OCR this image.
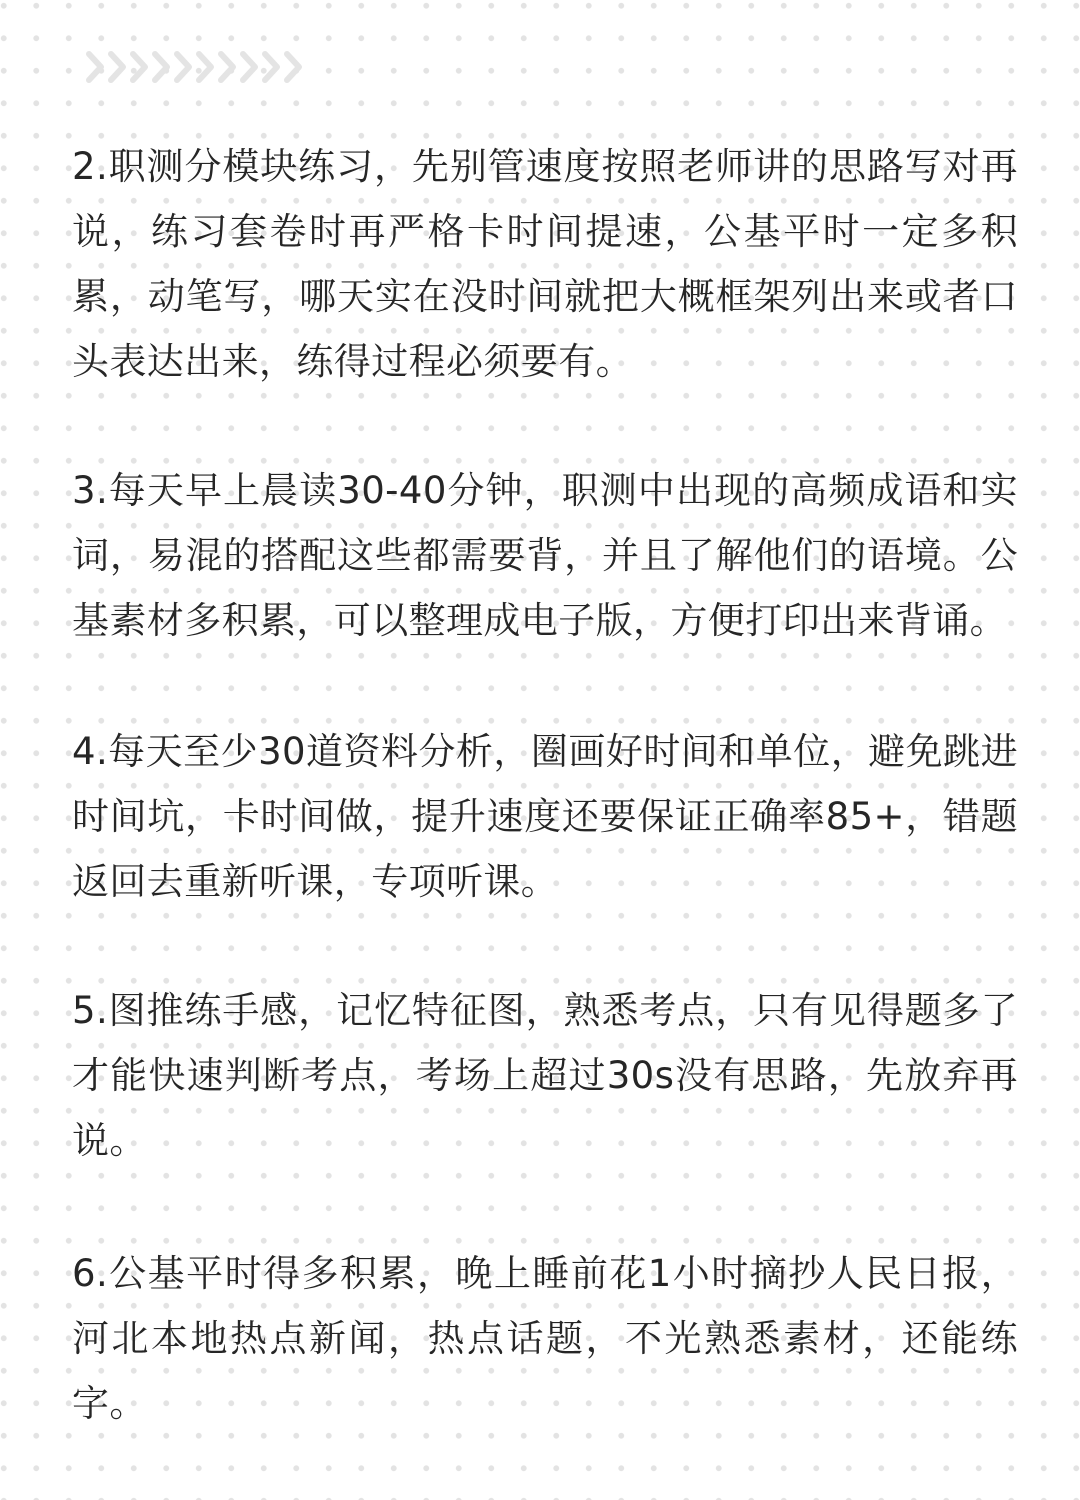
2.职测分模块练习，先别管速度按照老师讲的思路写对再说，练习套卷时再严格卡时间提速，公基平时一定多积累，动笔写，哪天实在没时间就把大概框架列出来或者口头表达出来，练得过程必须要有。

3.每天早上晨读30-40分钟，职测中出现的高频成语和实词，易混的搭配这些都需要背，并且了解他们的语境。公基素材多积累，可以整理成电子版，方便打印出来背诵。

4.每天至少30道资料分析，圈画好时间和单位，避免跳进时间坑，卡时间做，提升速度还要保证正确率85+，错题返回去重新听课，专项听课。

5.图推练手感，记忆特征图，熟悉考点，只有见得题多了才能快速判断考点，考场上超过30s没有思路，先放弃再说。

6.公基平时得多积累，晚上睡前花1小时摘抄人民日报，河北本地热点新闻，热点话题，不光熟悉素材，还能练字。
